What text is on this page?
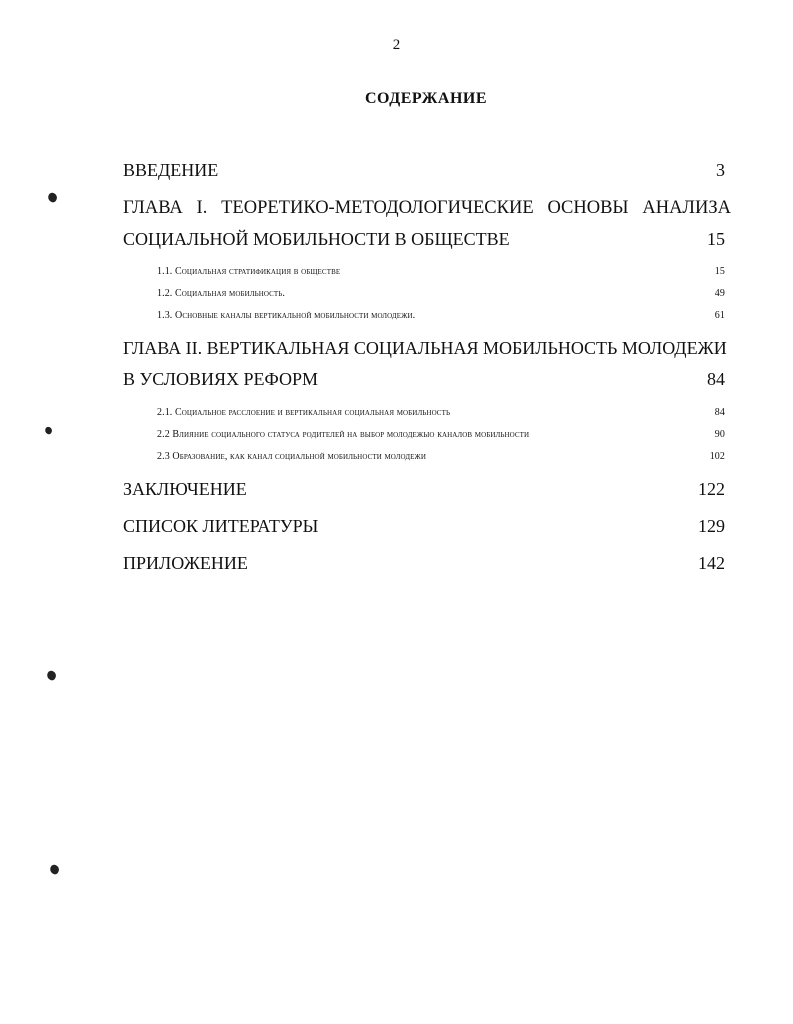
2
СОДЕРЖАНИЕ
ВВЕДЕНИЕ	3
ГЛАВА I. ТЕОРЕТИКО-МЕТОДОЛОГИЧЕСКИЕ ОСНОВЫ АНАЛИЗА
СОЦИАЛЬНОЙ МОБИЛЬНОСТИ В ОБЩЕСТВЕ	15
1.1. Социальная стратификация в обществе	15
1.2. Социальная мобильность.	49
1.3. Основные каналы вертикальной мобильности молодежи.	61
ГЛАВА II. ВЕРТИКАЛЬНАЯ СОЦИАЛЬНАЯ МОБИЛЬНОСТЬ МОЛОДЕЖИ
В УСЛОВИЯХ РЕФОРМ	84
2.1. Социальное расслоение и вертикальная социальная мобильность	84
2.2 Влияние социального статуса родителей на выбор молодежыо каналов мобильности	90
2.3 Образование, как канал социальной мобильности молодежи	102
ЗАКЛЮЧЕНИЕ	122
СПИСОК ЛИТЕРАТУРЫ	129
ПРИЛОЖЕНИЕ	142
